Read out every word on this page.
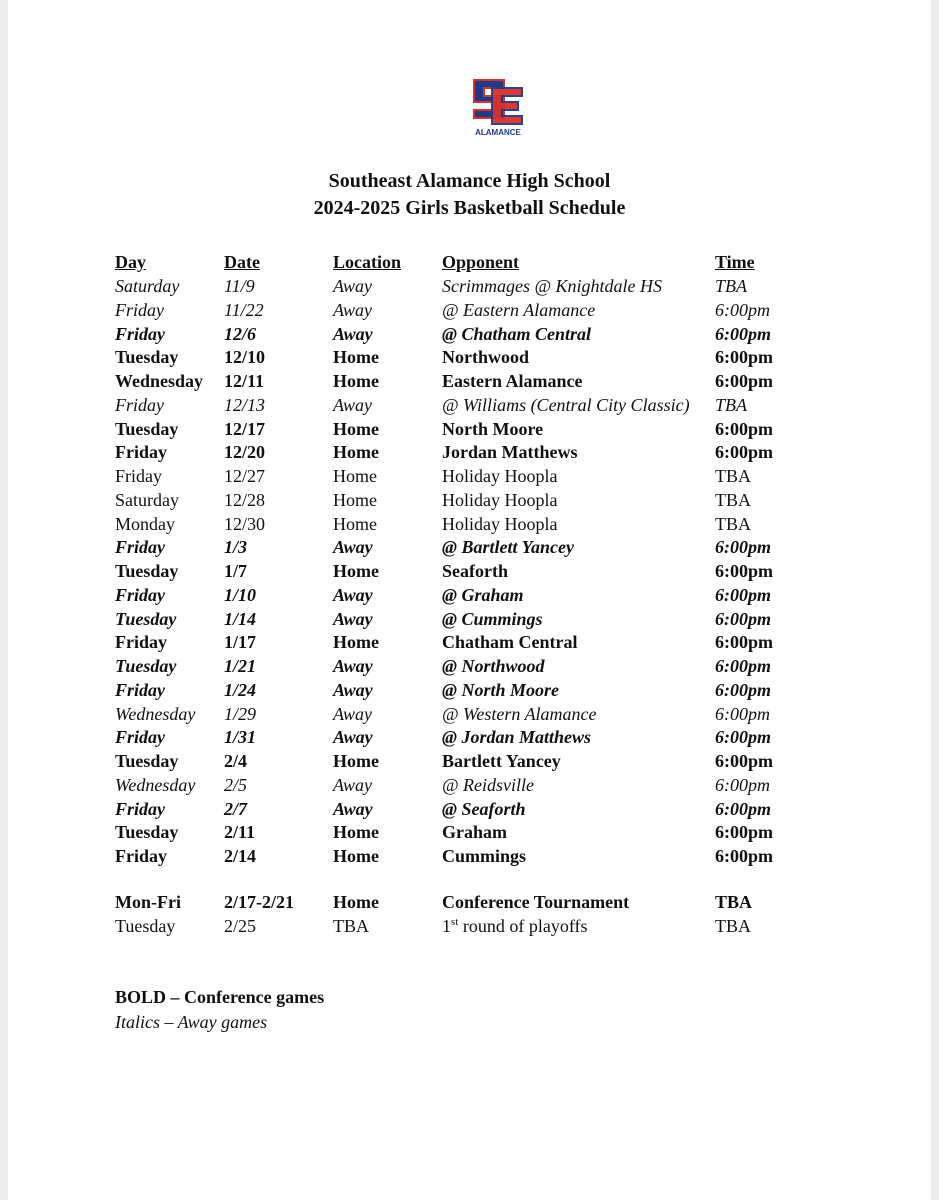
ALAMANCE
Southeast Alamance High School
2024-2025 Girls Basketball Schedule
Day	Date	Location Opponent	Time
Saturday 11/9	Away	Scrimmages @ Knightdale HS	TBA
Friday	11/22	Away	@ Eastern Alamance	6:00pm
Friday	12/6	Away	@ Chatham Central	6:00pm
Tuesday	12/10	Home	Northwood	6:00pm
Wednesday 12/11	Home	Eastern Alamance	6:00pm
Friday	12/13	Away	@ Williams (Central City Classic) TBA
Tuesday	12/17	Home	North Moore	6:00pm
Friday	12/20	Home	Jordan Matthews	6:00pm
Friday	12/27	Home	Holiday Hoopla	TBA
Saturday	12/28	Home	Holiday Hoopla	TBA
Monday	12/30	Home	Holiday Hoopla	TBA
Friday	1/3	Away	@ Bartlett Yancey	6:00pm
Tuesday	1/7	Home	Seaforth	6:00pm
Friday	1/10	Away	@ Graham	6:00pm
Tuesday	1/14	Away	@ Cummings	6:00pm
Friday	1/17	Home	Chatham Central	6:00pm
Tuesday	1/21	Away	@ Northwood	6:00pm
Friday	1/24	Away	@ North Moore	6:00pm
Wednesday 1/29	Away	@ Western Alamance	6:00pm
Friday	1/31	Away	@ Jordan Matthews	6:00pm
Tuesday	2/4	Home	Bartlett Yancey	6:00pm
Wednesday 2/5	Away	@ Reidsville	6:00pm
Friday	2/7	Away	@ Seaforth	6:00pm
Tuesday	2/11	Home	Graham	6:00pm
Friday	2/14	Home	Cummings	6:00pm
Mon-Fri 2/17-2/21 Home	Conference Tournament	TBA
Tuesday	2/25	TBA	1st round of playoffs	TBA
BOLD – Conference games
Italics – Away games
